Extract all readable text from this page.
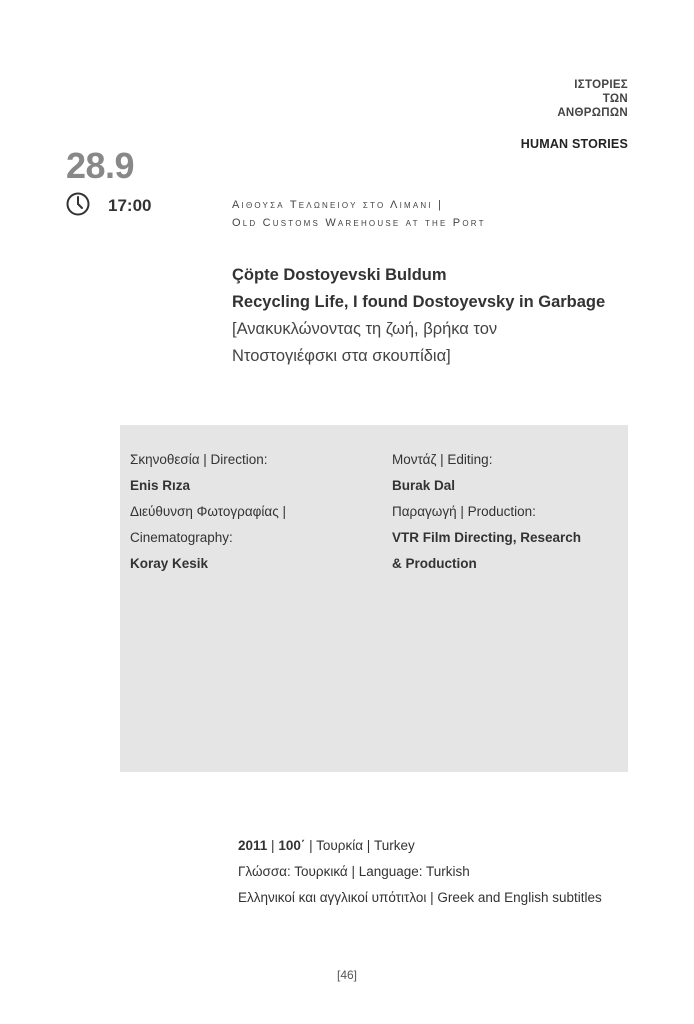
ΙΣΤΟΡΙΕΣ
ΤΩΝ
ΑΝΘΡΩΠΩΝ
HUMAN STORIES
28.9
17:00	Αιθουσα Τελωνειου στο Λιμανι |
Old Customs Warehouse at the Port
Çöpte Dostoyevski Buldum
Recycling Life, I found Dostoyevsky in Garbage
[Ανακυκλώνοντας τη ζωή, βρήκα τον
Ντοστογιέφσκι στα σκουπίδια]
Σκηνοθεσία | Direction:
Enis Rıza
Διεύθυνση Φωτογραφίας |
Cinematography:
Koray Kesik
Μοντάζ | Editing:
Burak Dal
Παραγωγή | Production:
VTR Film Directing, Research
& Production
2011 | 100΄ | Τουρκία | Turkey
Γλώσσα: Τουρκικά | Language: Turkish
Ελληνικοί και αγγλικοί υπότιτλοι | Greek and English subtitles
[46]
